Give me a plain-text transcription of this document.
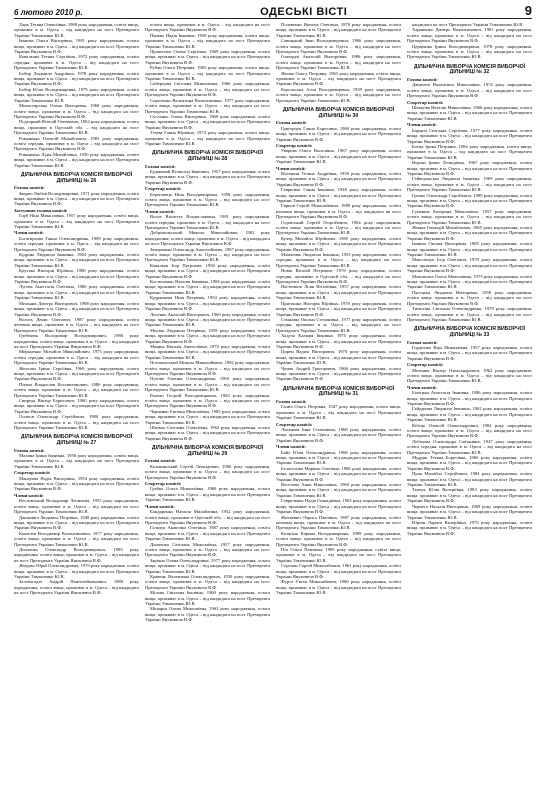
6 лютого 2010 р.	ОДЕСЬКІ ВІСТІ	9
Харь Тетяна Олексіївна, 1988 року народження, освіта вища, проживає в м. Одеса – від кандидата на пост Президента України Тимошенко Ю.В.
Іванова Ольга Вікторівна, 1981 року народження, освіта вища, проживає в м. Одеса – від кандидата на пост Президента України Януковича В.Ф.
Ковальова Тетяна Сергіївна, 1972 року народження, освіта середня, проживає в м. Одеса – від кандидата на пост Президента України Тимошенко Ю.В.
Бобир Людмила Андріївна, 1978 року народження, освіта вища, проживає в м. Одеса – від кандидата на пост Президента України Януковича В.Ф.
Бобир Юлія Володимирівна, 1979 року народження, освіта вища, проживає в м. Одеса – від кандидата на пост Президента України Тимошенко Ю.В.
Монастирська Олена Вікторівна, 1968 року народження, освіта вища, проживає в м. Одеса – від кандидата на пост Президента України Януковича В.Ф.
Подгорний Віталій Євгенович, 1962 року народження, освіта вища, проживає в Одеській обл. – від кандидата на пост Президента України Тимошенко Ю.В.
Романенко Олексій Михайлович, 1983 року народження, освіта середня, проживає в м. Одеса – від кандидата на пост Президента України Януковича В.Ф.
Романенко Лідія Михайлівна, 1950 року народження, освіта вища, проживає в м. Одеса – від кандидата на пост Президента України Тимошенко Ю.В.
ДІЛЬНИЧНА ВИБОРЧА КОМІСІЯ ВИБОРЧОЇ ДІЛЬНИЦІ № 26
Голова комісії:
Зварич Любов Володимирівна, 1971 року народження, освіта вища, проживає в м. Одеса – від кандидата на пост Президента України Януковича В.Ф.
Заступник голови комісії:
Горб Ніна Миколаївна, 1957 року народження, освіта вища, проживає в м. Одеса – від кандидата на пост Президента України Тимошенко Ю.В.
Члени комісії:
Богатирьова Ганна Олександрівна, 1989 року народження, освіта середня, проживає в м. Одеса – від кандидата на пост Президента України Януковича В.Ф.
Кудріна Людмила Іванівна, 1963 року народження, освіта вища, проживає в м. Одеса – від кандидата на пост Президента України Тимошенко Ю.В.
Крутько Вікторія Юріївна, 1980 року народження, освіта вища, проживає в м. Одеса – від кандидата на пост Президента України Януковича В.Ф.
Лугова Анастасія Олегівна, 1986 року народження, освіта вища, проживає в м. Одеса – від кандидата на пост Президента України Тимошенко Ю.В.
Мельник Дмитро Вікторович, 1988 року народження, освіта вища, проживає в м. Одеса – від кандидата на пост Президента України Януковича В.Ф.
Волоть Денис Олегович, 1987 року народження, освіта неповна вища, проживає в м. Одеса – від кандидата на пост Президента України Тимошенко Ю.В.
Гребенюк Володимир Володимирович, 1986 року народження, освіта вища, проживає в м. Одеса – від кандидата на пост Президента України Януковича В.Ф.
Мироненко Михайло Миколайович, 1975 року народження, освіта середня, проживає в м. Одеса – від кандидата на пост Президента України Тимошенко Ю.В.
Жигалко Ірина Сергіївна, 1969 року народження, освіта вища, проживає в м. Одеса – від кандидата на пост Президента України Януковича В.Ф.
Пилип Владислав Костянтинович, 1986 року народження, освіта вища, проживає в м. Одеса – від кандидата на пост Президента України Тимошенко Ю.В.
Свиреда Віктор Борисович, 1960 року народження, освіта вища, проживає в м. Одеса – від кандидата на пост Президента України Януковича В.Ф.
Осипов Олександр Сергійович, 1980 року народження, освіта вища, проживає в м. Одеса – від кандидата на пост Президента України Тимошенко Ю.В.
ДІЛЬНИЧНА ВИБОРЧА КОМІСІЯ ВИБОРЧОЇ ДІЛЬНИЦІ № 27
Голова комісії:
Малина Ірина Іванівна, 1956 року народження, освіта вища, проживає в м. Одеса – від кандидата на пост Президента України Тимошенко Ю.В.
Секретар комісії:
Манєрова Надія Вікторівна, 1954 року народження, освіта вища, проживає в м. Одеса – від кандидата на пост Президента України Януковича В.Ф.
Члени комісії:
Весловський Володимир Леонович, 1953 року народження, освіта вища, проживає в м. Одеса – від кандидата на пост Президента України Тимошенко Ю.В.
Дашкевич Людмила Петрівна, 1948 року народження, освіта вища, проживає в м. Одеса – від кандидата на пост Президента України Януковича В.Ф.
Кошелєв Володимир Валентинович, 1977 року народження, освіта вища, проживає в м. Одеса – від кандидата на пост Президента України Тимошенко Ю.В.
Донченко Олександр Володимирович, 1989 року народження, освіта вища, проживає в м. Одеса – від кандидата на пост Президента України Януковича В.Ф.
Жмурко Юрій Олександрович, 1970 року народження, освіта вища, проживає в м. Одеса – від кандидата на пост Президента України Тимошенко Ю.В.
Залабагадзе Андрій Пантелеймонович, 1988 року народження, освіта вища, проживає в м. Одеса – від кандидата на пост Президента України Януковича В.Ф.
освіта вища, проживає в м. Одеса – від кандидата на пост Президента України Януковича В.Ф.
Панько Надія Іванівна, 1958 року народження, освіта вища, проживає в м. Одеса – від кандидата на пост Президента України Тимошенко Ю.В.
Прокопчук Олена Сергіївна, 1969 року народження, освіта вища, проживає в м. Одеса – від кандидата на пост Президента України Януковича В.Ф.
Рубан Ольга Петрівна, 1965 року народження, освіта вища, проживає в м. Одеса – від кандидата на пост Президента України Тимошенко Ю.В.
Сиберцова Світлана Миколаївна, 1966 року народження, освіта вища, проживає в м. Одеса – від кандидата на пост Президента України Януковича В.Ф.
Сиротенко Валентина Валентинівна, 1977 року народження, освіта вища, проживає в м. Одеса – від кандидата на пост Президента України Тимошенко Ю.В.
Сусленко Олена Вікторівна, 1969 року народження, освіта вища, проживає в м. Одеса – від кандидата на пост Президента України Януковича В.Ф.
Тітова Ганна Юріївна, 1974 року народження, освіта вища, проживає в м. Одеса – від кандидата на пост Президента України Тимошенко Ю.В.
ДІЛЬНИЧНА ВИБОРЧА КОМІСІЯ ВИБОРЧОЇ ДІЛЬНИЦІ № 28
Голова комісії:
Будьковий Всеволод Іванович, 1957 року народження, освіта вища, проживає в м. Одеса – від кандидата на пост Президента України Януковича В.Ф.
Секретар комісії:
Береговець Ніна Володимирівна, 1958 року народження, освіта вища, проживає в м. Одеса – від кандидата на пост Президента України Тимошенко Ю.В.
Члени комісії:
Волот Віолетта Владиславівна, 1981 року народження, освіта середня, проживає в м. Одеса – від кандидата на пост Президента України Тимошенко Ю.В.
Добровольський Микола Миколайович, 1982 року народження, освіта вища, проживає в м. Одеса – від кандидата на пост Президента України Януковича В.Ф.
Заверченко Олександр Анатолійович, 1987 року народження, освіта вища, проживає в м. Одеса – від кандидата на пост Президента України Тимошенко Ю.В.
Ковальов Ігор Петрович, 1956 року народження, освіта вища, проживає в м. Одеса – від кандидата на пост Президента України Януковича В.Ф.
Костюченко Наталія Іванівна, 1984 року народження, освіта вища, проживає в м. Одеса – від кандидата на пост Президента України Тимошенко Ю.В.
Кудрявцева Ніна Петрівна, 1954 року народження, освіта вища, проживає в м. Одеса – від кандидата на пост Президента України Януковича В.Ф.
Лисенко Анатолій Вікторович, 1960 року народження, освіта вища, проживає в м. Одеса – від кандидата на пост Президента України Тимошенко Ю.В.
Мисюк Людмила Петрівна, 1959 року народження, освіта вища, проживає в м. Одеса – від кандидата на пост Президента України Януковича В.Ф.
Мицюк Наталія Анатоліївна, 1970 року народження, освіта вища, проживає в м. Одеса – від кандидата на пост Президента України Тимошенко Ю.В.
Потаповський Микола Миколайович, 1982 року народження, освіта вища, проживає в м. Одеса – від кандидата на пост Президента України Януковича В.Ф.
Пузова Євгенія Олександрівна, 1960 року народження, освіта вища, проживає в м. Одеса – від кандидата на пост Президента України Тимошенко Ю.В.
Рилько Георгій Володимирович, 1983 року народження, освіта вища, проживає в м. Одеса – від кандидата на пост Президента України Януковича В.Ф.
Черненко Євгенія Миколаївна, 1985 року народження, освіта вища, проживає в м. Одеса – від кандидата на пост Президента України Тимошенко Ю.В.
Шитько Світлана Олексіївна, 1962 року народження, освіта вища, проживає в м. Одеса – від кандидата на пост Президента України Януковича В.Ф.
ДІЛЬНИЧНА ВИБОРЧА КОМІСІЯ ВИБОРЧОЇ ДІЛЬНИЦІ № 29
Голова комісії:
Кольчинський Сергій Леонідович, 1966 року народження, освіта вища, проживає в м. Одеса – від кандидата на пост Президента України Януковича В.Ф.
Секретар комісії:
Грабко Ольга Миколаївна, 1960 року народження, освіта вища, проживає в м. Одеса – від кандидата на пост Президента України Тимошенко Ю.В.
Члени комісії:
Бондаренко Наталія Михайлівна, 1952 року народження, освіта вища, проживає в Одеській обл. – від кандидата на пост Президента України Януковича В.Ф.
Гальчук Анжеліка Олегівна, 1987 року народження, освіта вища, проживає в м. Одеса – від кандидата на пост Президента України Тимошенко Ю.В.
Донченко Світлана Миколаївна, 1957 року народження, освіта вища, проживає в м. Одеса – від кандидата на пост Президента України Януковича В.Ф.
Зарічна Олена Олександрівна, 1977 року народження, освіта вища, проживає в м. Одеса – від кандидата на пост Президента України Тимошенко Ю.В.
Кравець Валентина Олександрівна, 1950 року народження, освіта вища, проживає в м. Одеса – від кандидата на пост Президента України Януковича В.Ф.
Мілова Світлана Івалівна, 1960 року народження, освіта вища, проживає в м. Одеса – від кандидата на пост Президента України Тимошенко Ю.В.
Мішарін Олена Миколаївна, 1962 року народження, освіта вища, проживає в м. Одеса – від кандидата на пост Президента України Януковича В.Ф.
Полевенко Наталія Олегівна, 1970 року народження, освіта вища, проживає в м. Одеса – від кандидата на пост Президента України Тимошенко Ю.В.
Савицький Іван Володимирович, 1966 року народження, освіта вища, проживає в м. Одеса – від кандидата на пост Президента України Януковича В.Ф.
Гончарук Анатолій Вікторович, 1986 року народження, освіта вища, проживає в м. Одеса – від кандидата на пост Президента України Тимошенко Ю.В.
Жилка Ольга Петрівна, 1963 року народження, освіта вища, проживає в м. Одеса – від кандидата на пост Президента України Януковича В.Ф.
Корольська Алла Володимирівна, 1959 року народження, освіта вища, проживає в м. Одеса – від кандидата на пост Президента України Тимошенко Ю.В.
ДІЛЬНИЧНА ВИБОРЧА КОМІСІЯ ВИБОРЧОЇ ДІЛЬНИЦІ № 30
Голова комісії:
Григорчук Ганна Борисівна, 1960 року народження, освіта вища, проживає в м. Одеса – від кандидата на пост Президента України Януковича В.Ф.
Секретар комісії:
Уварова Ольга Василівна, 1967 року народження, освіта вища, проживає в м. Одеса – від кандидата на пост Президента України Тимошенко Ю.В.
Члени комісії:
Волошин Тетяна Андріївна, 1958 року народження, освіта вища, проживає в м. Одеса – від кандидата на пост Президента України Януковича В.Ф.
Гаврилюк Ганна Іванівна, 1948 року народження, освіта вища, проживає в м. Одеса – від кандидата на пост Президента України Тимошенко Ю.В.
Гирьов Сергій Миколайович, 1989 року народження, освіта неповна вища, проживає в м. Одеса – від кандидата на пост Президента України Януковича В.Ф.
Годовський Сергій Георгійович, 1964 року народження, освіта вища, проживає в м. Одеса – від кандидата на пост Президента України Тимошенко Ю.В.
Кучер Михайло Юрійович, 1985 року народження, освіта вища, проживає в м. Одеса – від кандидата на пост Президента України Януковича В.Ф.
Мамченко Людмила Іванівна, 1953 року народження, освіта середня, проживає в м. Одеса – від кандидата на пост Президента України Тимошенко Ю.В.
Новік Віталій Петрович, 1978 року народження, освіта середня, проживає в Одеській обл. – від кандидата на пост Президента України Януковича В.Ф.
Настюшок Лілія Віталіївна, 1957 року народження, освіта вища, проживає в м. Одеса – від кандидата на пост Президента України Тимошенко Ю.В.
Пригоніна Вікторія Юріївна, 1978 року народження, освіта вища, проживає в м. Одеса – від кандидата на пост Президента України Януковича В.Ф.
Стоянова Оксана Степанівна, 1977 року народження, освіта середня, проживає в м. Одеса – від кандидата на пост Президента України Тимошенко Ю.В.
Ходуха Клавдія Іванівна, 1975 року народження, освіта вища, проживає в м. Одеса – від кандидата на пост Президента України Януковича В.Ф.
Цирен Вадим Вікторович, 1970 року народження, освіта вища, проживає в м. Одеса – від кандидата на пост Президента України Тимошенко Ю.В.
Чумак Андрій Григорович, 1966 року народження, освіта вища, проживає в м. Одеса – від кандидата на пост Президента України Януковича В.Ф.
ДІЛЬНИЧНА ВИБОРЧА КОМІСІЯ ВИБОРЧОЇ ДІЛЬНИЦІ № 31
Голова комісії:
Галич Ольга Петрівна, 1947 року народження, освіта вища, проживає в м. Одеса – від кандидата на пост Президента України Тимошенко Ю.В.
Секретар комісії:
Лоханова Інна Степанівна, 1968 року народження, освіта вища, проживає в м. Одеса – від кандидата на пост Президента України Януковича В.Ф.
Члени комісії:
Байл Юлія Олександрівна, 1968 року народження, освіта вища, проживає в м. Одеса – від кандидата на пост Президента України Тимошенко Ю.В.
Бєлоголова Марина Олегівна, 1986 року народження, освіта вища, проживає в м. Одеса – від кандидата на пост Президента України Януковича В.Ф.
Веселова Анна Миколаївна, 1960 року народження, освіта вища, проживає в м. Одеса – від кандидата на пост Президента України Тимошенко Ю.В.
Гавриленко Надія Геннадіївна, 1963 року народження, освіта вища, проживає в м. Одеса – від кандидата на пост Президента України Януковича В.Ф.
Житкевич Лариса Павлівна, 1987 року народження, освіта неповна вища, проживає в м. Одеса – від кандидата на пост Президента України Тимошенко Ю.В.
Котягіна Карина Володимирівна, 1989 року народження, освіта вища, проживає в м. Одеса – від кандидата на пост Президента України Януковича В.Ф.
Піч Ольга Павлівна, 1985 року народження, освіта вища, проживає в м. Одеса – від кандидата на пост Президента України Тимошенко Ю.В.
Сорочан Сергій Миколайович, 1961 року народження, освіта вища, проживає в м. Одеса – від кандидата на пост Президента України Януковича В.Ф.
Фурса Євген Миколайович, 1960 року народження, освіта вища, проживає в м. Одеса – від кандидата на пост Президента України Тимошенко Ю.В.
кандидата на пост Президента України Тимошенко Ю.В.
Хараненко Дмитро Валентинович, 1981 року народження, освіта вища, проживає в м. Одеса – від кандидата на пост Президента України Януковича В.Ф.
Церцікова Ірина Володимирівна, 1978 року народження, освіта вища, проживає в м. Одеса – від кандидата на пост Президента України Тимошенко Ю.В.
ДІЛЬНИЧНА ВИБОРЧА КОМІСІЯ ВИБОРЧОЇ ДІЛЬНИЦІ № 32
Голова комісії:
Данилюк Валентина Миколаївна, 1974 року народження, освіта вища, проживає в м. Одеса – від кандидата на пост Президента України Януковича В.Ф.
Секретар комісії:
Шевцова Наталія Миколаївна, 1966 року народження, освіта вища, проживає в м. Одеса – від кандидата на пост Президента України Тимошенко Ю.В.
Члени комісії:
Бараніч Світлана Сергіївна, 1977 року народження, освіта вища, проживає в м. Одеса – від кандидата на пост Президента України Януковича В.Ф.
Боєць Ірина Петрівна, 1984 року народження, освіта вища, проживає в м. Одеса – від кандидата на пост Президента України Тимошенко Ю.В.
Вороні Ірина Леонідівна, 1967 року народження, освіта вища, проживає в м. Одеса – від кандидата на пост Президента України Януковича В.Ф.
Гайворонська Людмила Іванівна, 1969 року народження, освіта вища, проживає в м. Одеса – від кандидата на пост Президента України Тимошенко Ю.В.
Гречко Олександр Сергійович, 1989 року народження, освіта вища, проживає в м. Одеса – від кандидата на пост Президента України Януковича В.Ф.
Гуменюк Катерина Миколаївна, 1957 року народження, освіта вища, проживає в м. Одеса – від кандидата на пост Президента України Тимошенко Ю.В.
Жмака Геннадій Михайлович, 1965 року народження, освіта вища, проживає в м. Одеса – від кандидата на пост Президента України Януковича В.Ф.
Іваніна Оксана Вікторівна, 1985 року народження, освіта вища, проживає в м. Одеса – від кандидата на пост Президента України Тимошенко Ю.В.
Максимчук Ігор Олегович, 1978 року народження, освіта вища, проживає в м. Одеса – від кандидата на пост Президента України Януковича В.Ф.
Мачинська Олеся Миколаївна, 1973 року народження, освіта вища, проживає в м. Одеса – від кандидата на пост Президента України Тимошенко Ю.В.
Пясецька Людмила Вікторівна, 1958 року народження, освіта вища, проживає в м. Одеса – від кандидата на пост Президента України Януковича В.Ф.
Тимохіна Світлана Олександрівна, 1979 року народження, освіта вища, проживає в м. Одеса – від кандидата на пост Президента України Тимошенко Ю.В.
ДІЛЬНИЧНА ВИБОРЧА КОМІСІЯ ВИБОРЧОЇ ДІЛЬНИЦІ № 33
Голова комісії:
Гордієнко Віра Миколаївна, 1957 року народження, освіта вища, проживає в м. Одеса – від кандидата на пост Президента України Януковича В.Ф.
Секретар комісії:
Мельник Віктор Олександрович, 1962 року народження, освіта вища, проживає в м. Одеса – від кандидата на пост Президента України Тимошенко Ю.В.
Члени комісії:
Білецька Анастасія Іванівна, 1986 року народження, освіта вища, проживає в м. Одеса – від кандидата на пост Президента України Януковича В.Ф.
Гайдарова Людмила Іванівна, 1962 року народження, освіта вища, проживає в м. Одеса – від кандидата на пост Президента України Тимошенко Ю.В.
Кібець Олексій Олександрович, 1984 року народження, освіта вища, проживає в м. Одеса – від кандидата на пост Президента України Януковича В.Ф.
Лобачова Олександра Сав'янівна, 1947 року народження, освіта середня, проживає в м. Одеса – від кандидата на пост Президента України Тимошенко Ю.В.
Мудрик Тетяна Борисівна, 1960 року народження, освіта вища, проживає в м. Одеса – від кандидата на пост Президента України Януковича В.Ф.
Прок Михайло Сергійович, 1984 року народження, освіта вища, проживає в м. Одеса – від кандидата на пост Президента України Тимошенко Ю.В.
Ткачук Юлія Валеріївна, 1983 року народження, освіта вища, проживає в м. Одеса – від кандидата на пост Президента України Януковича В.Ф.
Чернега Наталія Вікторівна, 1969 року народження, освіта вища, проживає в м. Одеса – від кандидата на пост Президента України Тимошенко Ю.В.
Юрова Лариса Валеріївна, 1975 року народження, освіта вища, проживає в м. Одеса – від кандидата на пост Президента України Януковича В.Ф.
